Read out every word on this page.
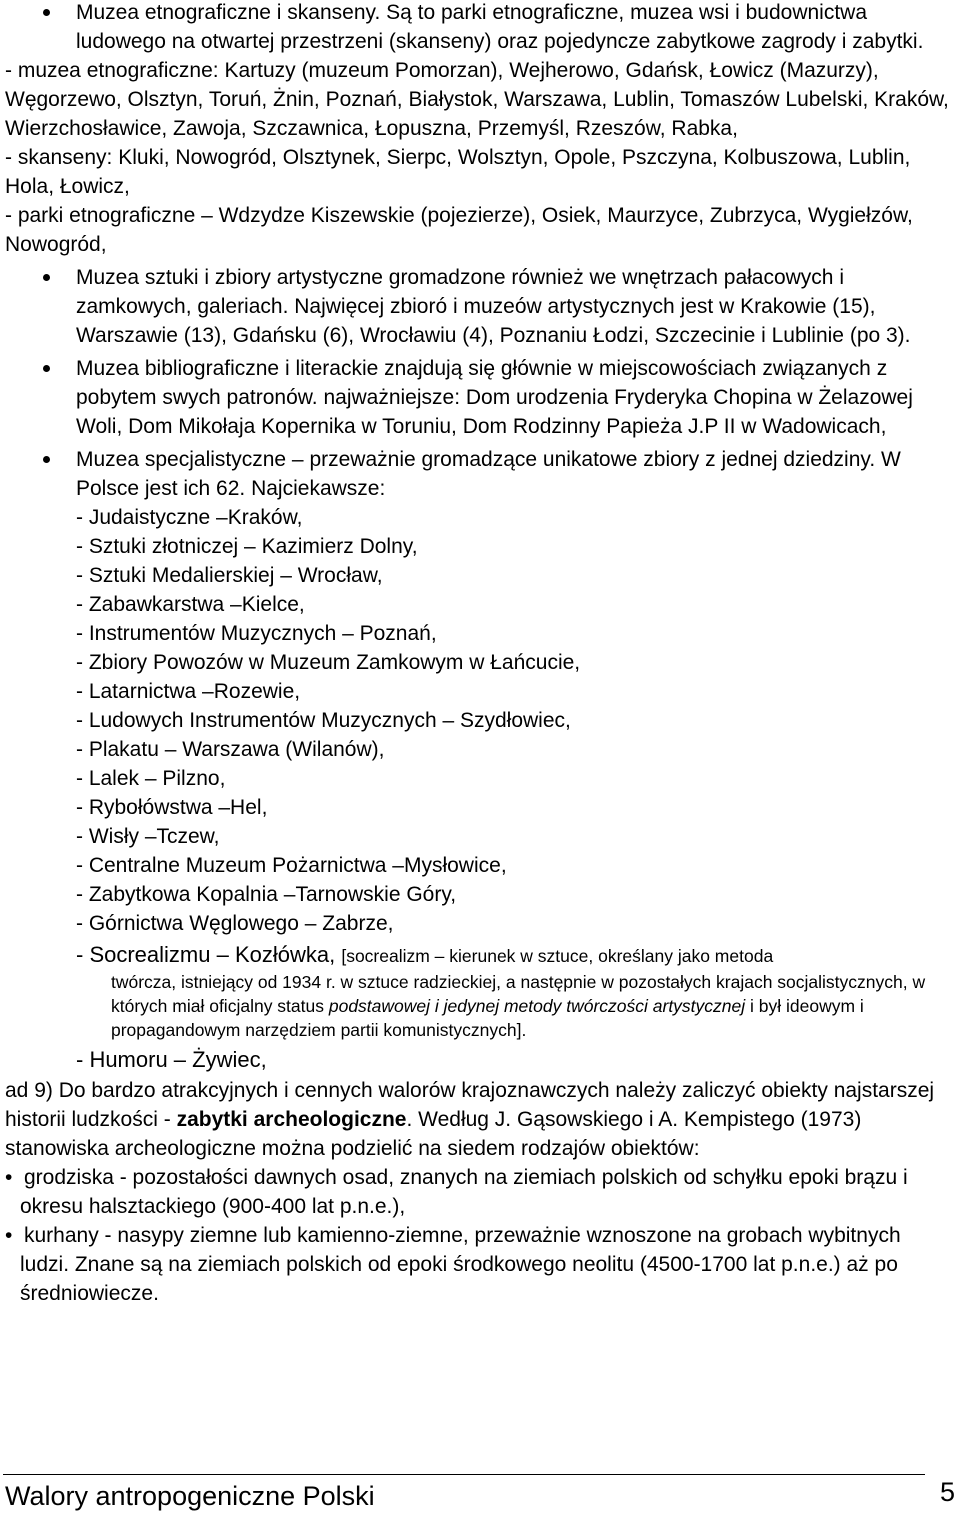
Muzea etnograficzne i skanseny. Są to parki etnograficzne, muzea wsi i budownictwa ludowego na otwartej przestrzeni (skanseny) oraz pojedyncze zabytkowe zagrody i zabytki.

- muzea etnograficzne: Kartuzy (muzeum Pomorzan), Wejherowo, Gdańsk, Łowicz (Mazurzy), Węgorzewo, Olsztyn, Toruń, Żnin, Poznań, Białystok, Warszawa, Lublin, Tomaszów Lubelski, Kraków, Wierzchosławice, Zawoja, Szczawnica, Łopuszna, Przemyśl, Rzeszów, Rabka,

- skanseny: Kluki, Nowogród, Olsztynek, Sierpc, Wolsztyn, Opole, Pszczyna, Kolbuszowa, Lublin, Hola, Łowicz,

- parki etnograficzne – Wdzydze Kiszewskie (pojezierze), Osiek, Maurzyce, Zubrzyca, Wygiełzów, Nowogród,

Muzea sztuki i zbiory artystyczne gromadzone również we wnętrzach pałacowych i zamkowych, galeriach. Najwięcej zbioró i muzeów artystycznych jest w Krakowie (15), Warszawie (13), Gdańsku (6), Wrocławiu (4), Poznaniu Łodzi, Szczecinie i Lublinie (po 3).

Muzea bibliograficzne i literackie znajdują się głównie w miejscowościach związanych z pobytem swych patronów. najważniejsze: Dom urodzenia Fryderyka Chopina w Żelazowej Woli, Dom Mikołaja Kopernika w Toruniu, Dom Rodzinny Papieża J.P II w Wadowicach,

Muzea specjalistyczne – przeważnie gromadzące unikatowe zbiory z jednej dziedziny. W Polsce jest ich 62. Najciekawsze:

- Judaistyczne –Kraków,

- Sztuki złotniczej – Kazimierz Dolny,

- Sztuki Medalierskiej – Wrocław,

- Zabawkarstwa –Kielce,

- Instrumentów Muzycznych – Poznań,

- Zbiory Powozów w Muzeum Zamkowym w Łańcucie,

- Latarnictwa –Rozewie,

- Ludowych Instrumentów Muzycznych – Szydłowiec,

- Plakatu – Warszawa (Wilanów),

- Lalek – Pilzno,

- Rybołówstwa –Hel,

- Wisły –Tczew,

- Centralne Muzeum Pożarnictwa –Mysłowice,

- Zabytkowa Kopalnia –Tarnowskie Góry,

- Górnictwa Węglowego – Zabrze,

- Socrealizmu – Kozłówka, [socrealizm – kierunek w sztuce, określany jako metoda

twórcza, istniejący od 1934 r. w sztuce radzieckiej, a następnie w pozostałych krajach socjalistycznych, w których miał oficjalny status podstawowej i jedynej metody twórczości artystycznej i był ideowym i propagandowym narzędziem partii komunistycznych].

- Humoru – Żywiec,

ad 9) Do bardzo atrakcyjnych i cennych walorów krajoznawczych należy zaliczyć obiekty najstarszej historii ludzkości - zabytki archeologiczne. Według J. Gąsowskiego i A. Kempistego (1973) stanowiska archeologiczne można podzielić na siedem rodzajów obiektów:

• grodziska - pozostałości dawnych osad, znanych na ziemiach polskich od schyłku epoki brązu i okresu halsztackiego (900-400 lat p.n.e.),

• kurhany - nasypy ziemne lub kamienno-ziemne, przeważnie wznoszone na grobach wybitnych ludzi. Znane są na ziemiach polskich od epoki środkowego neolitu (4500-1700 lat p.n.e.) aż po średniowiecze.

Walory antropogeniczne Polski	5
